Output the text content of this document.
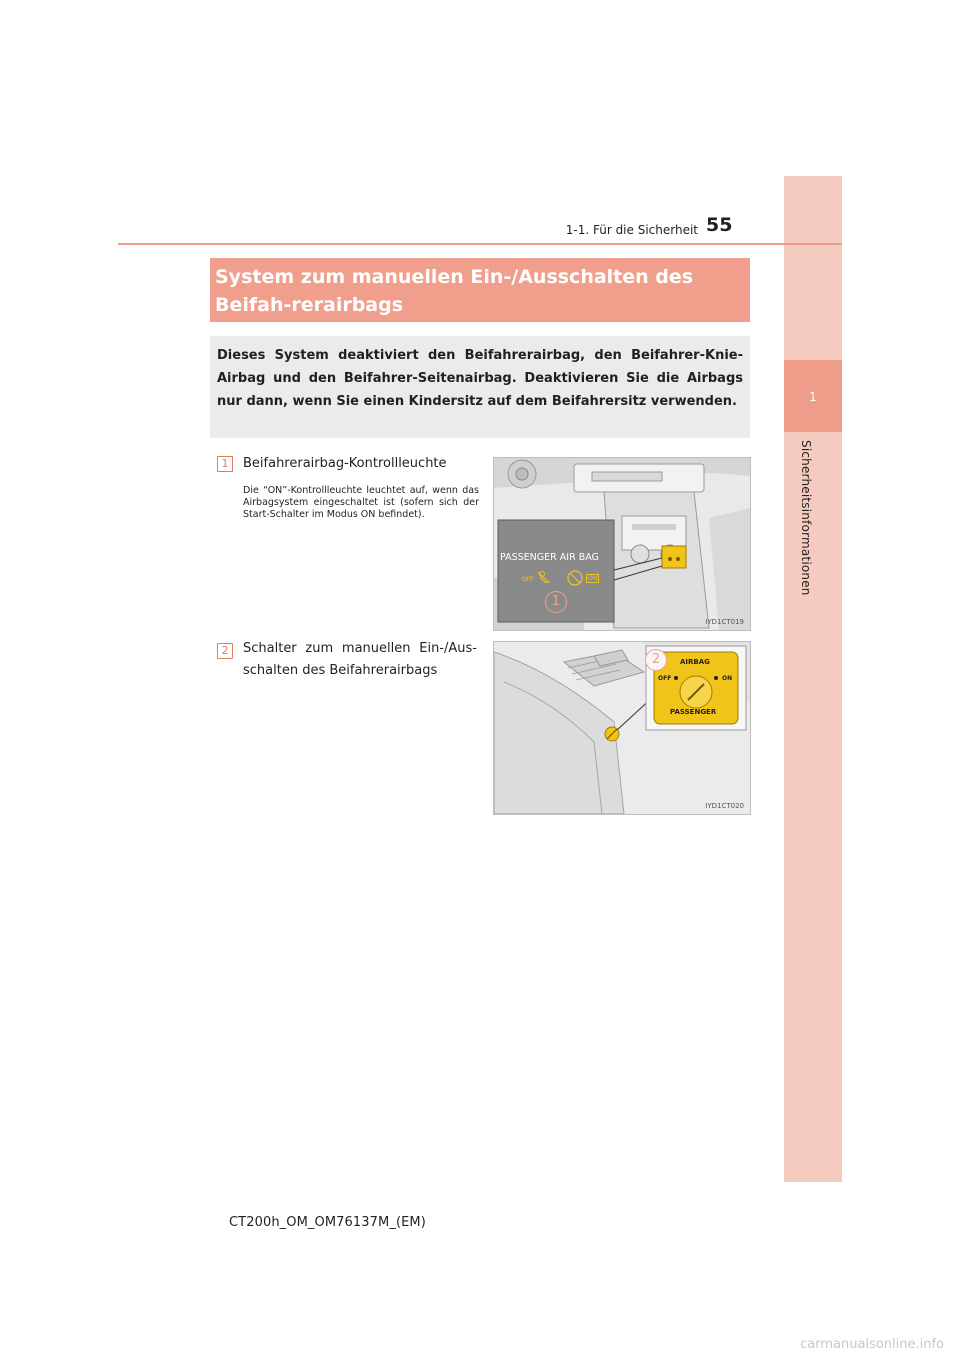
1
Sicherheitsinformationen
1-1. Für die Sicherheit 55
System zum manuellen Ein-/Ausschalten des Beifah-rerairbags
Dieses System deaktiviert den Beifahrerairbag, den Beifahrer-Knie-Airbag und den Beifahrer-Seitenairbag. Deaktivieren Sie die Airbags nur dann, wenn Sie einen Kindersitz auf dem Beifahrersitz verwenden.
1	Beifahrerairbag-Kontrollleuchte
Die “ON”-Kontrollleuchte leuchtet auf, wenn das Airbagsystem eingeschaltet ist (sofern sich der Start-Schalter im Modus ON befindet).
2	Schalter zum manuellen Ein-/Aus-schalten des Beifahrerairbags
PASSENGER AIR BAG
OFF	ON
1
IYD1CT019
AIRBAG
OFF	ON
PASSENGER
2
IYD1CT020
CT200h_OM_OM76137M_(EM)
carmanualsonline.info
